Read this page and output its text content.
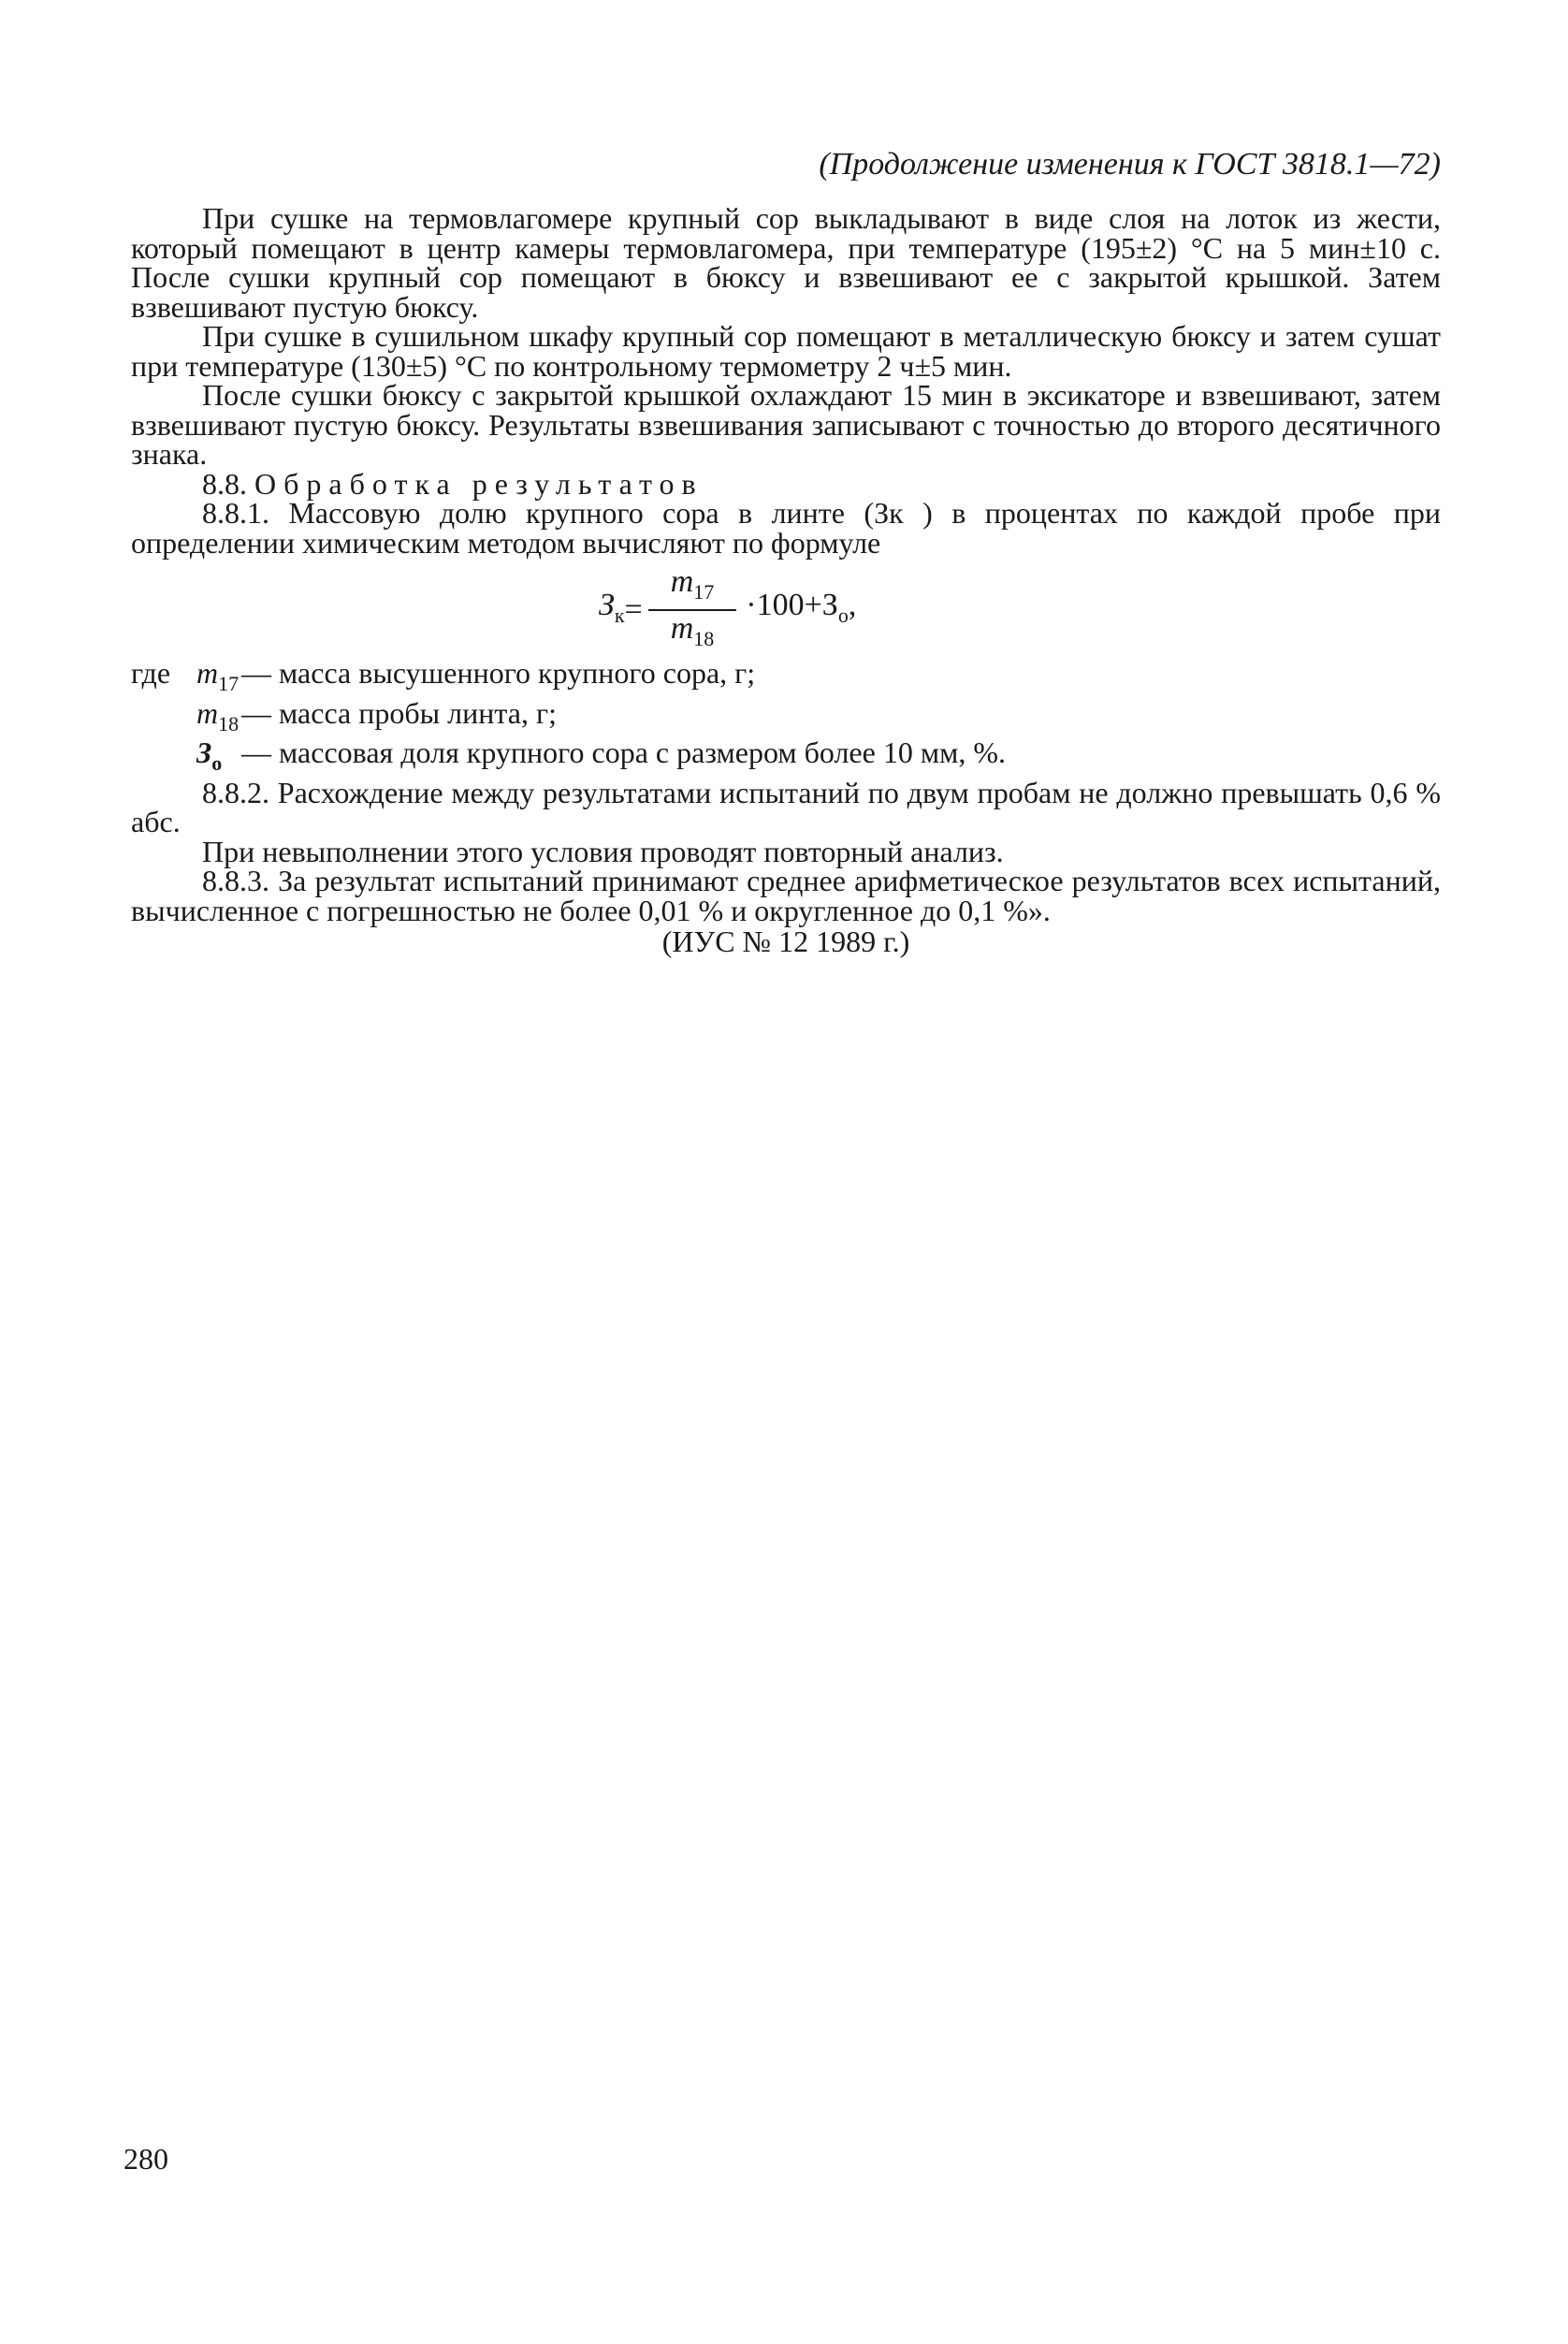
(Продолжение изменения к ГОСТ 3818.1—72)

При сушке на термовлагомере крупный сор выкладывают в виде слоя на лоток из жести, который помещают в центр камеры термовлагомера, при температуре (195±2) °С на 5 мин±10 с. После сушки крупный сор помещают в бюксу и взвешивают ее с закрытой крышкой. Затем взвешивают пустую бюксу.

При сушке в сушильном шкафу крупный сор помещают в металлическую бюксу и затем сушат при температуре (130±5) °С по контрольному термометру 2 ч±5 мин.

После сушки бюксу с закрытой крышкой охлаждают 15 мин в эксикаторе и взвешивают, затем взвешивают пустую бюксу. Результаты взвешивания записывают с точностью до второго десятичного знака.

8.8. Обработка результатов

8.8.1. Массовую долю крупного сора в линте (Зк ) в процентах по каждой пробе при определении химическим методом вычисляют по формуле

$З_к = \frac{m_{17}}{m_{18}} \cdot 100+З_о$,
где $m_{17}$ — масса высушенного крупного сора, г;
$m_{18}$ — масса пробы линта, г;
$З_о$ — массовая доля крупного сора с размером более 10 мм, %.

8.8.2. Расхождение между результатами испытаний по двум пробам не должно превышать 0,6 % абс.

При невыполнении этого условия проводят повторный анализ.

8.8.3. За результат испытаний принимают среднее арифметическое результатов всех испытаний, вычисленное с погрешностью не более 0,01 % и округленное до 0,1 %».

(ИУС № 12 1989 г.)

280
